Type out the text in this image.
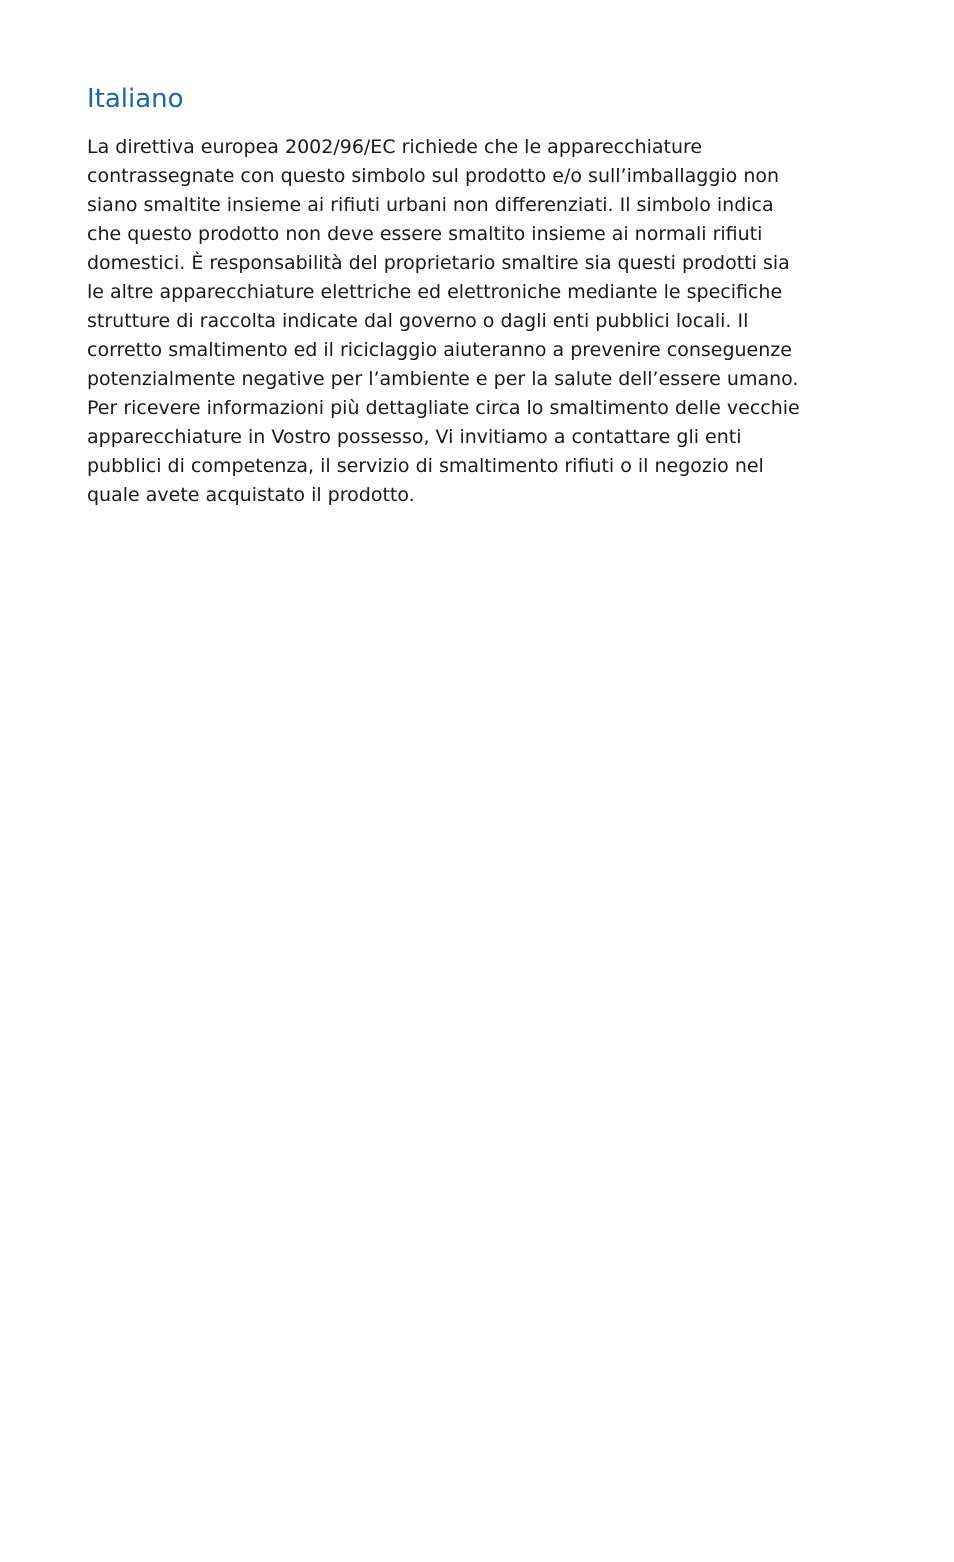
Italiano
La direttiva europea 2002/96/EC richiede che le apparecchiature
contrassegnate con questo simbolo sul prodotto e/o sull’imballaggio non
siano smaltite insieme ai rifiuti urbani non differenziati. Il simbolo indica
che questo prodotto non deve essere smaltito insieme ai normali rifiuti
domestici. È responsabilità del proprietario smaltire sia questi prodotti sia
le altre apparecchiature elettriche ed elettroniche mediante le specifiche
strutture di raccolta indicate dal governo o dagli enti pubblici locali. Il
corretto smaltimento ed il riciclaggio aiuteranno a prevenire conseguenze
potenzialmente negative per l’ambiente e per la salute dell’essere umano.
Per ricevere informazioni più dettagliate circa lo smaltimento delle vecchie
apparecchiature in Vostro possesso, Vi invitiamo a contattare gli enti
pubblici di competenza, il servizio di smaltimento rifiuti o il negozio nel
quale avete acquistato il prodotto.
